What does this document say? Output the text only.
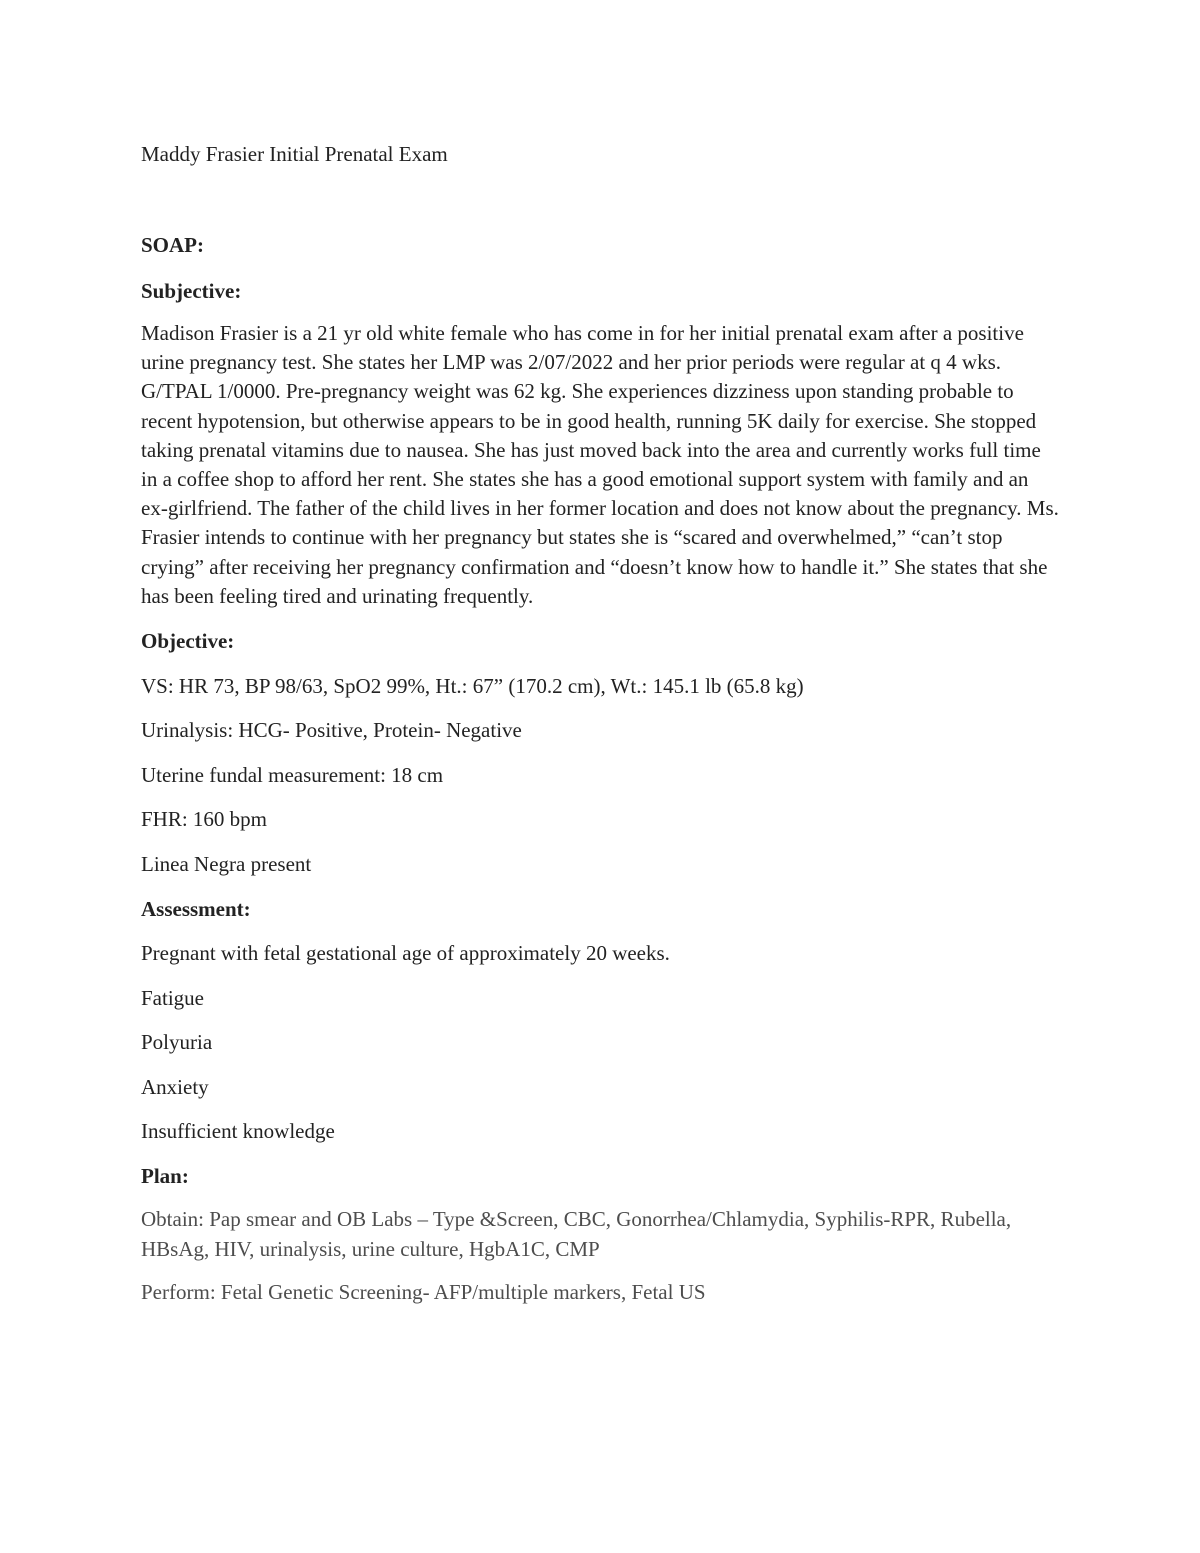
Maddy Frasier Initial Prenatal Exam

SOAP:

Subjective:

Madison Frasier is a 21 yr old white female who has come in for her initial prenatal exam after a positive urine pregnancy test. She states her LMP was 2/07/2022 and her prior periods were regular at q 4 wks. G/TPAL 1/0000. Pre-pregnancy weight was 62 kg. She experiences dizziness upon standing probable to recent hypotension, but otherwise appears to be in good health, running 5K daily for exercise. She stopped taking prenatal vitamins due to nausea. She has just moved back into the area and currently works full time in a coffee shop to afford her rent. She states she has a good emotional support system with family and an ex-girlfriend. The father of the child lives in her former location and does not know about the pregnancy. Ms. Frasier intends to continue with her pregnancy but states she is “scared and overwhelmed,” “can’t stop crying” after receiving her pregnancy confirmation and “doesn’t know how to handle it.” She states that she has been feeling tired and urinating frequently.

Objective:

VS: HR 73, BP 98/63, SpO2 99%, Ht.: 67” (170.2 cm), Wt.: 145.1 lb (65.8 kg)

Urinalysis: HCG- Positive, Protein- Negative

Uterine fundal measurement: 18 cm

FHR: 160 bpm

Linea Negra present

Assessment:

Pregnant with fetal gestational age of approximately 20 weeks.

Fatigue

Polyuria

Anxiety

Insufficient knowledge

Plan:

Obtain: Pap smear and OB Labs – Type &Screen, CBC, Gonorrhea/Chlamydia, Syphilis-RPR, Rubella, HBsAg, HIV, urinalysis, urine culture, HgbA1C, CMP

Perform: Fetal Genetic Screening- AFP/multiple markers, Fetal US
